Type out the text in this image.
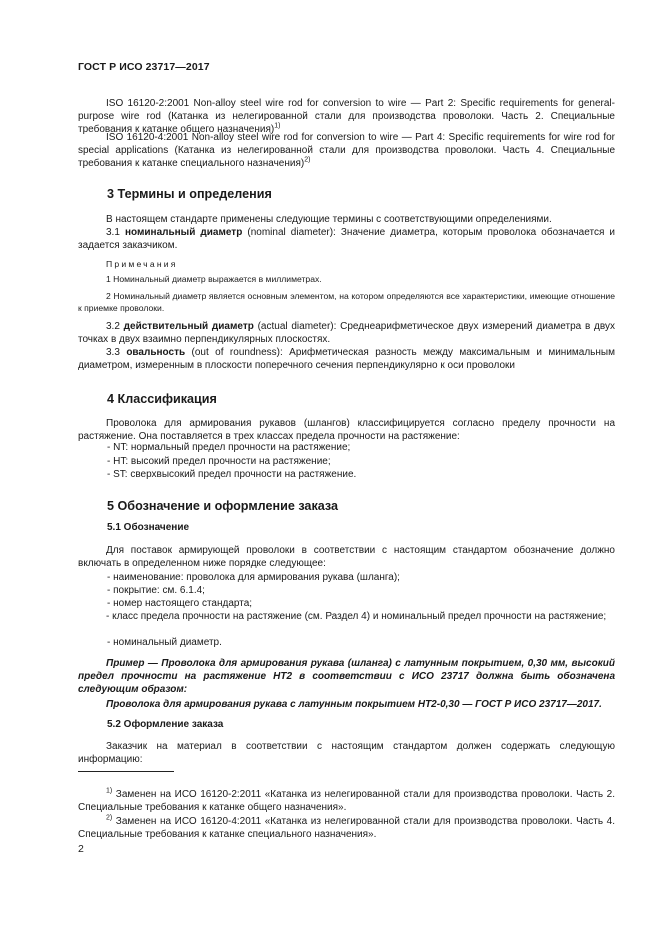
ГОСТ Р ИСО 23717—2017
ISO 16120-2:2001 Non-alloy steel wire rod for conversion to wire — Part 2: Specific requirements for general-purpose wire rod (Катанка из нелегированной стали для производства проволоки. Часть 2. Специальные требования к катанке общего назначения)$^{1)}$
ISO 16120-4:2001 Non-alloy steel wire rod for conversion to wire — Part 4: Specific requirements for wire rod for special applications (Катанка из нелегированной стали для производства проволоки. Часть 4. Специальные требования к катанке специального назначения)$^{2)}$
3 Термины и определения
В настоящем стандарте применены следующие термины с соответствующими определениями.
3.1 номинальный диаметр (nominal diameter): Значение диаметра, которым проволока обозначается и задается заказчиком.
Примечания
1 Номинальный диаметр выражается в миллиметрах.
2 Номинальный диаметр является основным элементом, на котором определяются все характеристики, имеющие отношение к приемке проволоки.
3.2 действительный диаметр (actual diameter): Среднеарифметическое двух измерений диаметра в двух точках в двух взаимно перпендикулярных плоскостях.
3.3 овальность (out of roundness): Арифметическая разность между максимальным и минимальным диаметром, измеренным в плоскости поперечного сечения перпендикулярно к оси проволоки
4 Классификация
Проволока для армирования рукавов (шлангов) классифицируется согласно пределу прочности на растяжение. Она поставляется в трех классах предела прочности на растяжение:
- NT: нормальный предел прочности на растяжение;
- HT: высокий предел прочности на растяжение;
- ST: сверхвысокий предел прочности на растяжение.
5 Обозначение и оформление заказа
5.1 Обозначение
Для поставок армирующей проволоки в соответствии с настоящим стандартом обозначение должно включать в определенном ниже порядке следующее:
- наименование: проволока для армирования рукава (шланга);
- покрытие: см. 6.1.4;
- номер настоящего стандарта;
- класс предела прочности на растяжение (см. Раздел 4) и номинальный предел прочности на растяжение;
- номинальный диаметр.
Пример — Проволока для армирования рукава (шланга) с латунным покрытием, 0,30 мм, высокий предел прочности на растяжение НТ2 в соответствии с ИСО 23717 должна быть обозначена следующим образом:
Проволока для армирования рукава с латунным покрытием НТ2-0,30 — ГОСТ Р ИСО 23717—2017.
5.2 Оформление заказа
Заказчик на материал в соответствии с настоящим стандартом должен содержать следующую информацию:
$^{1)}$ Заменен на ИСО 16120-2:2011 «Катанка из нелегированной стали для производства проволоки. Часть 2. Специальные требования к катанке общего назначения».
$^{2)}$ Заменен на ИСО 16120-4:2011 «Катанка из нелегированной стали для производства проволоки. Часть 4. Специальные требования к катанке специального назначения».
2
